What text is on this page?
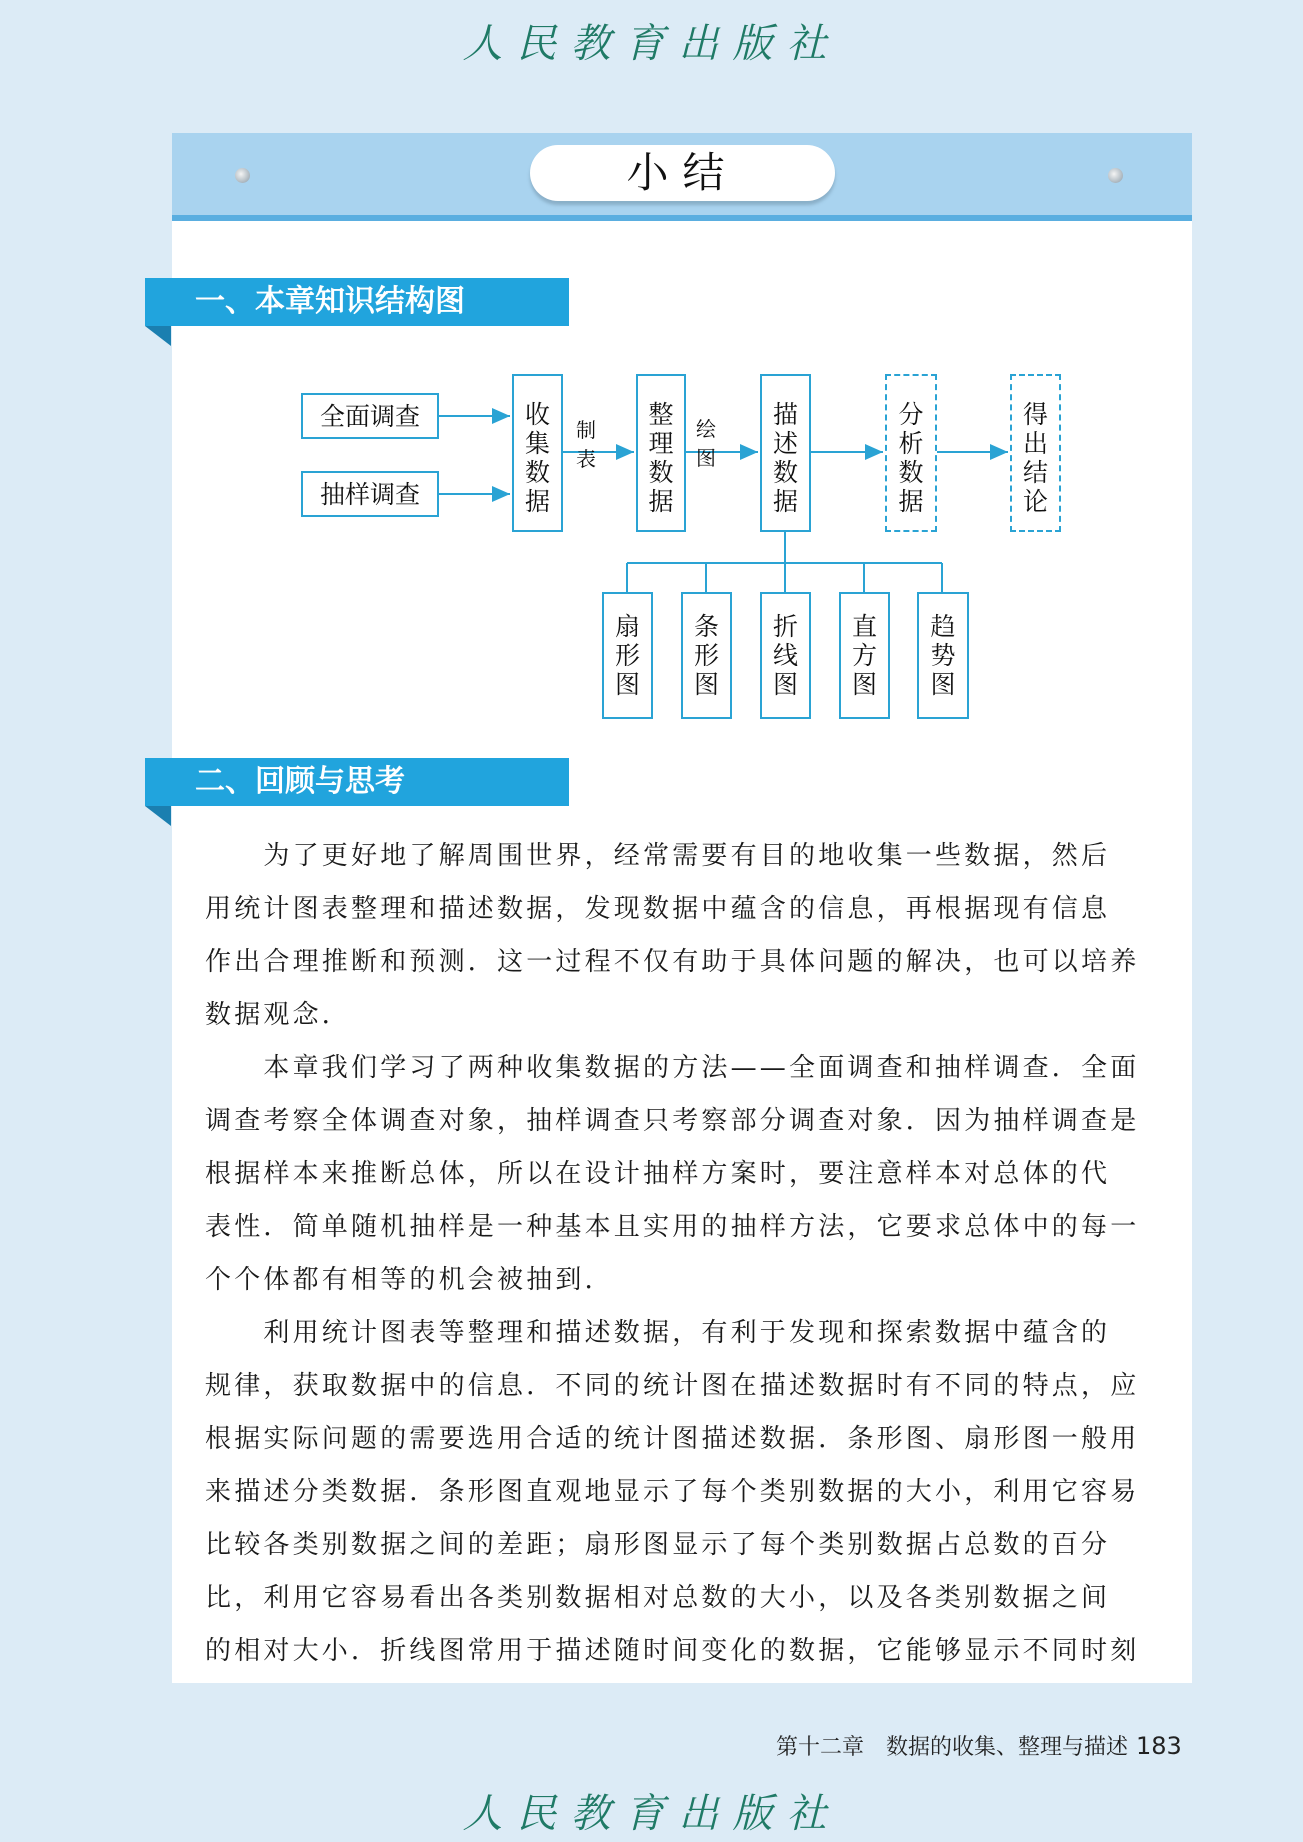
人民教育出版社
小结
一、本章知识结构图
全面调查
抽样调查
收
集
数
据
制表
整
理
数
据
绘图
描
述
数
据
分
析
数
据
得
出
结
论
扇
形
图
条
形
图
折
线
图
直
方
图
趋
势
图
二、回顾与思考
　　为了更好地了解周围世界，经常需要有目的地收集一些数据，然后
用统计图表整理和描述数据，发现数据中蕴含的信息，再根据现有信息
作出合理推断和预测．这一过程不仅有助于具体问题的解决，也可以培养
数据观念．
　　本章我们学习了两种收集数据的方法——全面调查和抽样调查．全面
调查考察全体调查对象，抽样调查只考察部分调查对象．因为抽样调查是
根据样本来推断总体，所以在设计抽样方案时，要注意样本对总体的代
表性．简单随机抽样是一种基本且实用的抽样方法，它要求总体中的每一
个个体都有相等的机会被抽到．
　　利用统计图表等整理和描述数据，有利于发现和探索数据中蕴含的
规律，获取数据中的信息．不同的统计图在描述数据时有不同的特点，应
根据实际问题的需要选用合适的统计图描述数据．条形图、扇形图一般用
来描述分类数据．条形图直观地显示了每个类别数据的大小，利用它容易
比较各类别数据之间的差距；扇形图显示了每个类别数据占总数的百分
比，利用它容易看出各类别数据相对总数的大小，以及各类别数据之间
的相对大小．折线图常用于描述随时间变化的数据，它能够显示不同时刻
第十二章　数据的收集、整理与描述 183
人民教育出版社
